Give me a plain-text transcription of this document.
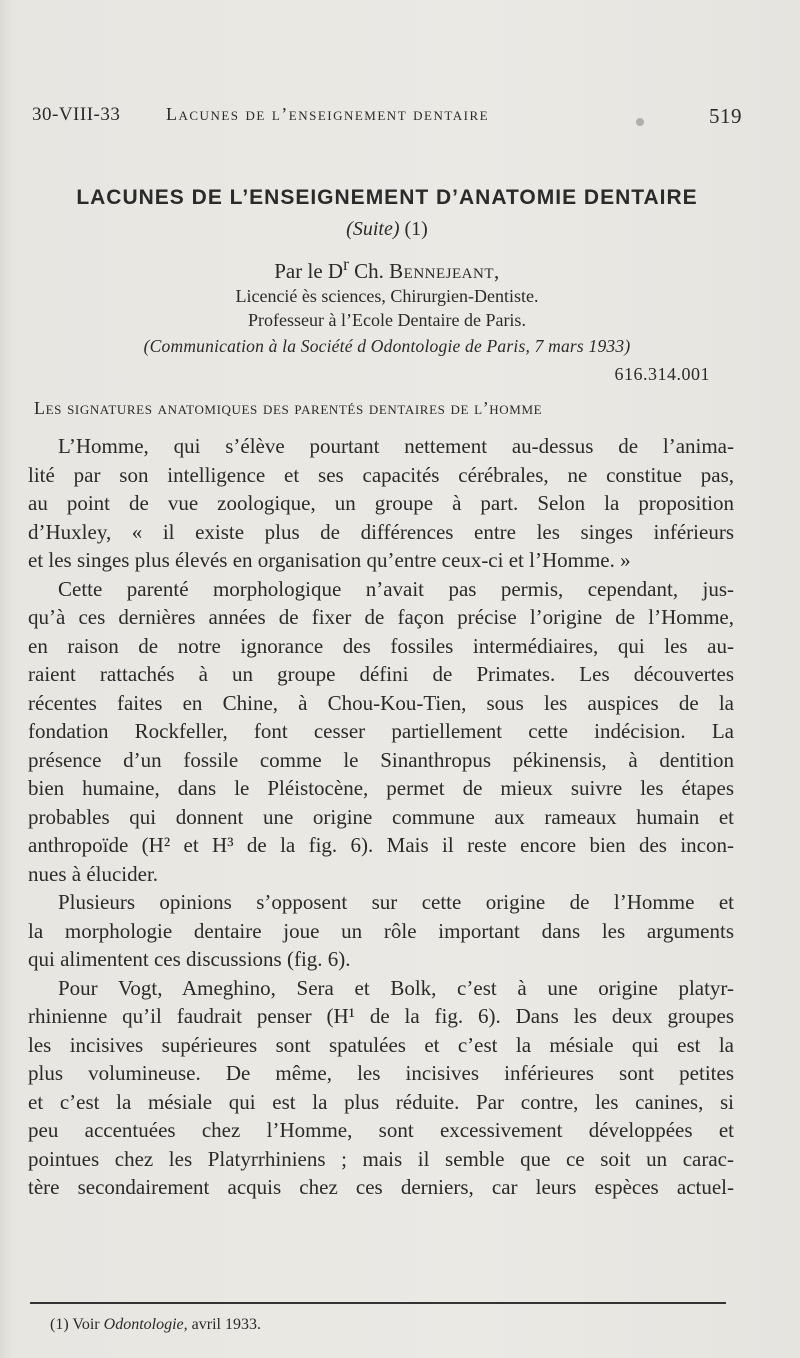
30-VIII-33	Lacunes de l’enseignement dentaire	519
LACUNES DE L’ENSEIGNEMENT D’ANATOMIE DENTAIRE
(Suite) (1)
Par le $D^r$ Ch. Bennejeant,
Licencié ès sciences, Chirurgien-Dentiste.
Professeur à l’Ecole Dentaire de Paris.
(Communication à la Société d Odontologie de Paris, 7 mars 1933)
616.314.001
Les signatures anatomiques des parentés dentaires de l’homme
L’Homme, qui s’élève pourtant nettement au-dessus de l’anima-
lité par son intelligence et ses capacités cérébrales, ne constitue pas,
au point de vue zoologique, un groupe à part. Selon la proposition
d’Huxley, « il existe plus de différences entre les singes inférieurs
et les singes plus élevés en organisation qu’entre ceux-ci et l’Homme. »
Cette parenté morphologique n’avait pas permis, cependant, jus-
qu’à ces dernières années de fixer de façon précise l’origine de l’Homme,
en raison de notre ignorance des fossiles intermédiaires, qui les au-
raient rattachés à un groupe défini de Primates. Les découvertes
récentes faites en Chine, à Chou-Kou-Tien, sous les auspices de la
fondation Rockfeller, font cesser partiellement cette indécision. La
présence d’un fossile comme le Sinanthropus pékinensis, à dentition
bien humaine, dans le Pléistocène, permet de mieux suivre les étapes
probables qui donnent une origine commune aux rameaux humain et
anthropoïde (H² et H³ de la fig. 6). Mais il reste encore bien des incon-
nues à élucider.
Plusieurs opinions s’opposent sur cette origine de l’Homme et
la morphologie dentaire joue un rôle important dans les arguments
qui alimentent ces discussions (fig. 6).
Pour Vogt, Ameghino, Sera et Bolk, c’est à une origine platyr-
rhinienne qu’il faudrait penser (H¹ de la fig. 6). Dans les deux groupes
les incisives supérieures sont spatulées et c’est la mésiale qui est la
plus volumineuse. De même, les incisives inférieures sont petites
et c’est la mésiale qui est la plus réduite. Par contre, les canines, si
peu accentuées chez l’Homme, sont excessivement développées et
pointues chez les Platyrrhiniens ; mais il semble que ce soit un carac-
tère secondairement acquis chez ces derniers, car leurs espèces actuel-
(1) Voir Odontologie, avril 1933.
